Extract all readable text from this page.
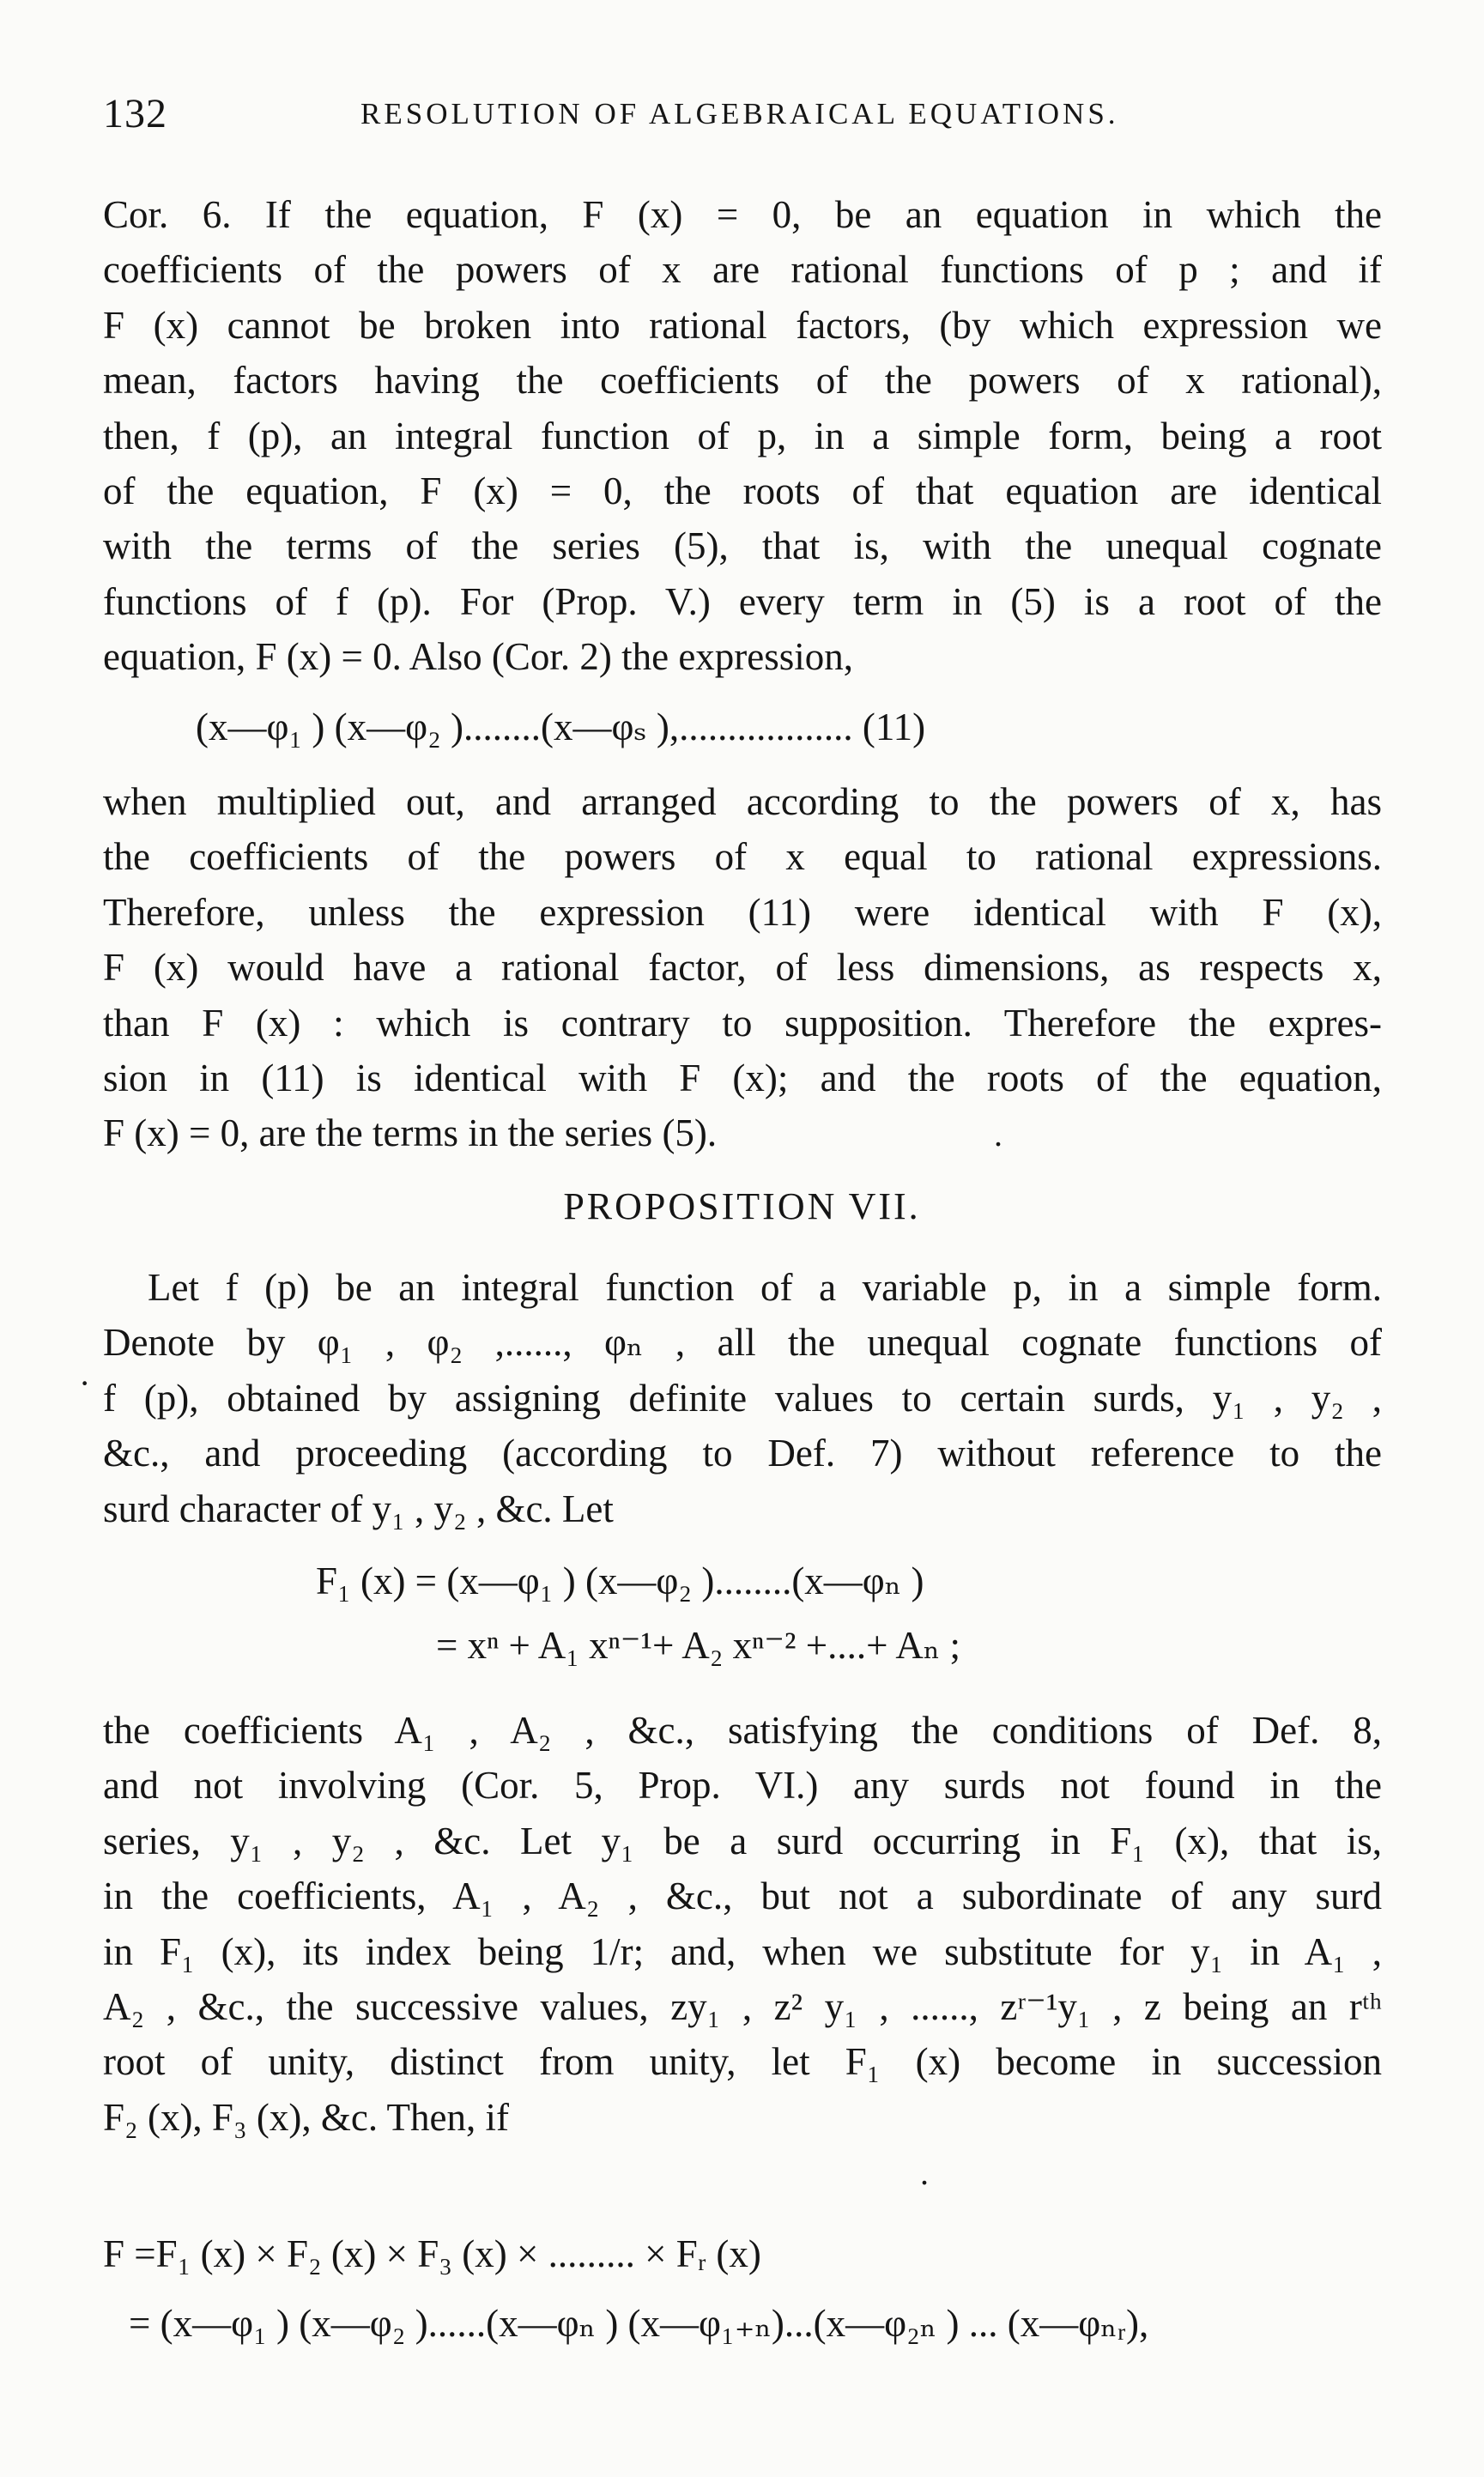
132	RESOLUTION OF ALGEBRAICAL EQUATIONS.
Cor. 6. If the equation, F (x) = 0, be an equation in which the
coefficients of the powers of x are rational functions of p ; and if
F (x) cannot be broken into rational factors, (by which expression we
mean, factors having the coefficients of the powers of x rational),
then, f (p), an integral function of p, in a simple form, being a root
of the equation, F (x) = 0, the roots of that equation are identical
with the terms of the series (5), that is, with the unequal cognate
functions of f (p). For (Prop. V.) every term in (5) is a root of the
equation, F (x) = 0. Also (Cor. 2) the expression,
(x—φ₁ ) (x—φ₂ )........(x—φₛ ),.................. (11)
when multiplied out, and arranged according to the powers of x, has
the coefficients of the powers of x equal to rational expressions.
Therefore, unless the expression (11) were identical with F (x),
F (x) would have a rational factor, of less dimensions, as respects x,
than F (x) : which is contrary to supposition. Therefore the expres-
sion in (11) is identical with F (x); and the roots of the equation,
F (x) = 0, are the terms in the series (5).	.
PROPOSITION VII.
Let f (p) be an integral function of a variable p, in a simple form.
Denote by φ₁ , φ₂ ,......, φₙ , all the unequal cognate functions of
f (p), obtained by assigning definite values to certain surds, y₁ , y₂ ,
&c., and proceeding (according to Def. 7) without reference to the
surd character of y₁ , y₂ , &c. Let
·
F₁ (x) = (x—φ₁ ) (x—φ₂ )........(x—φₙ )
= xⁿ + A₁ xⁿ⁻¹+ A₂ xⁿ⁻² +....+ Aₙ ;
the coefficients A₁ , A₂ , &c., satisfying the conditions of Def. 8,
and not involving (Cor. 5, Prop. VI.) any surds not found in the
series, y₁ , y₂ , &c. Let y₁ be a surd occurring in F₁ (x), that is,
in the coefficients, A₁ , A₂ , &c., but not a subordinate of any surd
in F₁ (x), its index being 1/r; and, when we substitute for y₁ in A₁ ,
A₂ , &c., the successive values, zy₁ , z² y₁ , ......, zʳ⁻¹y₁ , z being an rᵗʰ
root of unity, distinct from unity, let F₁ (x) become in succession
F₂ (x), F₃ (x), &c. Then, if
.
F =F₁ (x) × F₂ (x) × F₃ (x) × ......... × Fᵣ (x)
= (x—φ₁ ) (x—φ₂ )......(x—φₙ ) (x—φ₁₊ₙ)...(x—φ₂ₙ ) ... (x—φₙᵣ),
